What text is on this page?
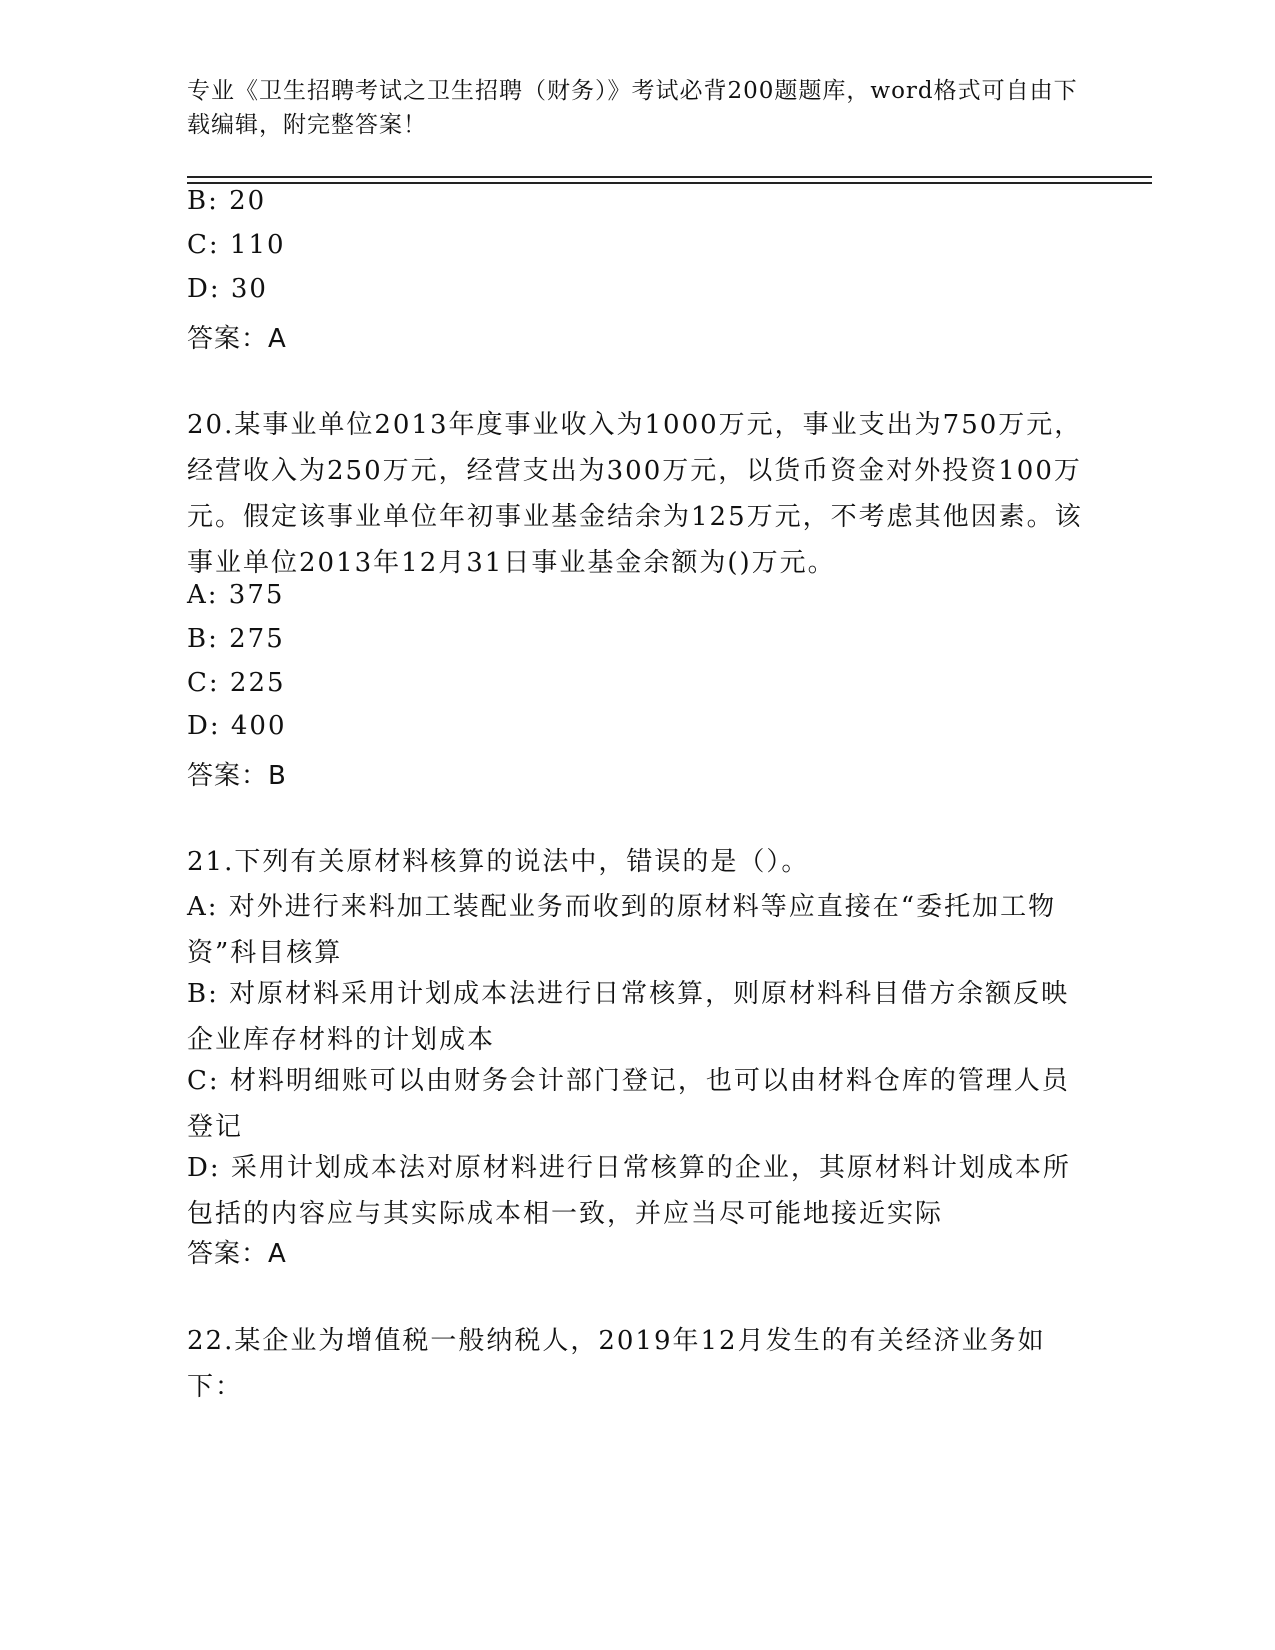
专业《卫生招聘考试之卫生招聘（财务）》考试必背200题题库，word格式可自由下载编辑，附完整答案！
B: 20
C: 110
D: 30
答案：A
20.某事业单位2013年度事业收入为1000万元，事业支出为750万元，经营收入为250万元，经营支出为300万元，以货币资金对外投资100万元。假定该事业单位年初事业基金结余为125万元，不考虑其他因素。该事业单位2013年12月31日事业基金余额为()万元。
A: 375
B: 275
C: 225
D: 400
答案：B
21.下列有关原材料核算的说法中，错误的是（）。
A: 对外进行来料加工装配业务而收到的原材料等应直接在“委托加工物资”科目核算
B: 对原材料采用计划成本法进行日常核算，则原材料科目借方余额反映企业库存材料的计划成本
C: 材料明细账可以由财务会计部门登记，也可以由材料仓库的管理人员登记
D: 采用计划成本法对原材料进行日常核算的企业，其原材料计划成本所包括的内容应与其实际成本相一致，并应当尽可能地接近实际
答案：A
22.某企业为增值税一般纳税人，2019年12月发生的有关经济业务如下：
